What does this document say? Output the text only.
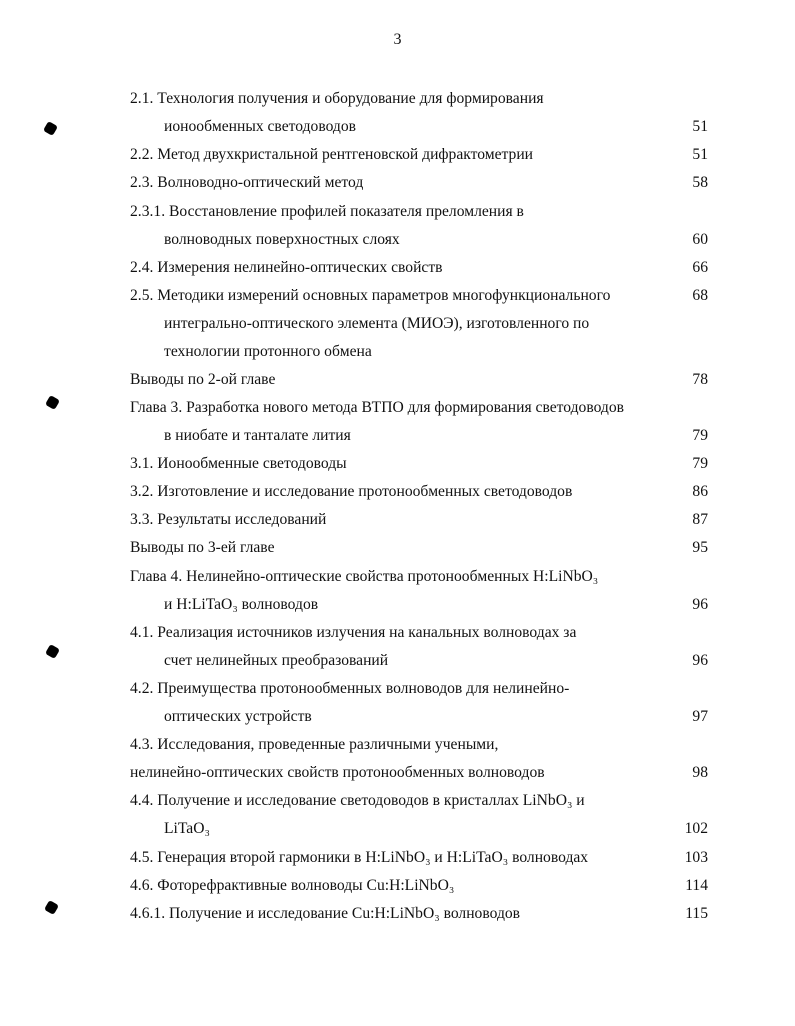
3
2.1. Технология получения и оборудование для формирования
ионообменных светодоводов	51
2.2. Метод двухкристальной рентгеновской дифрактометрии	51
2.3. Волноводно-оптический метод	58
2.3.1. Восстановление профилей показателя преломления в
волноводных поверхностных слоях	60
2.4. Измерения нелинейно-оптических свойств	66
2.5. Методики измерений основных параметров многофункционального	68
интегрально-оптического элемента (МИОЭ), изготовленного по
технологии протонного обмена
Выводы по 2-ой главе	78
Глава 3. Разработка нового метода ВТПО для формирования светодоводов
в ниобате и танталате лития	79
3.1. Ионообменные светодоводы	79
3.2. Изготовление и исследование протонообменных светодоводов	86
3.3. Результаты исследований	87
Выводы по 3-ей главе	95
Глава 4. Нелинейно-оптические свойства протонообменных H:LiNbO₃
и H:LiTaO₃ волноводов	96
4.1. Реализация источников излучения на канальных волноводах за
счет нелинейных преобразований	96
4.2. Преимущества протонообменных волноводов для нелинейно-
оптических устройств	97
4.3. Исследования, проведенные различными учеными,
нелинейно-оптических свойств протонообменных волноводов	98
4.4. Получение и исследование светодоводов в кристаллах LiNbO₃ и
LiTaO₃	102
4.5. Генерация второй гармоники в H:LiNbO₃ и H:LiTaO₃ волноводах	103
4.6. Фоторефрактивные волноводы Cu:H:LiNbO₃	114
4.6.1. Получение и исследование Cu:H:LiNbO₃ волноводов	115
